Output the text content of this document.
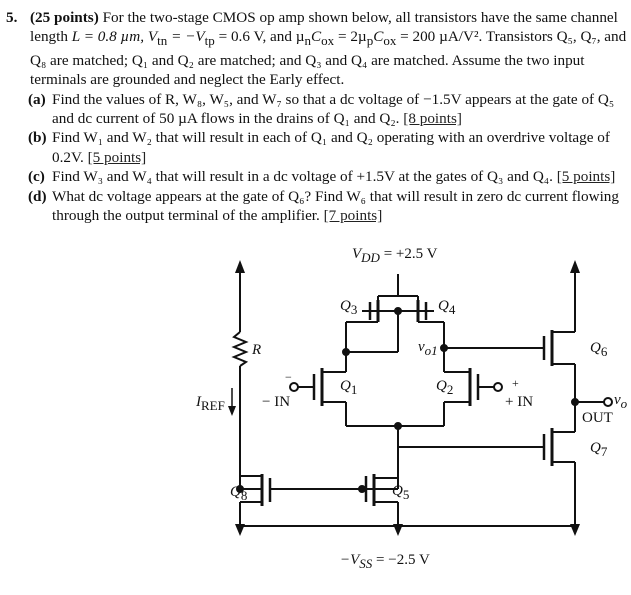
5. (25 points) For the two-stage CMOS op amp shown below, all transistors have the same channel length L = 0.8 µm, $V_{tn} = -V_{tp} = 0.6$ V, and $\mu_nC_{ox} = 2\mu_pC_{ox} = 200$ µA/V². Transistors Q₅, Q₇, and Q₈ are matched; Q₁ and Q₂ are matched; and Q₃ and Q₄ are matched. Assume the two input terminals are grounded and neglect the Early effect.

(a) Find the values of R, W₈, W₅, and W₇ so that a dc voltage of −1.5V appears at the gate of Q₅ and dc current of 50 µA flows in the drains of Q₁ and Q₂. [8 points]

(b) Find W₁ and W₂ that will result in each of Q₁ and Q₂ operating with an overdrive voltage of 0.2V. [5 points]

(c) Find W₃ and W₄ that will result in a dc voltage of +1.5V at the gates of Q₃ and Q₄. [5 points]

(d) What dc voltage appears at the gate of Q₆? Find W₆ that will result in zero dc current flowing through the output terminal of the amplifier. [7 points]

$V_{DD} = +2.5$ V
$-V_{SS} = -2.5$ V
R
$I_{REF}$ − IN
−
+ IN
+
$v_{o1}$
$v_o$
OUT
$Q_3$	$Q_4$
$Q_1$	$Q_2$
$Q_5$
$Q_6$
$Q_7$
$Q_8$
